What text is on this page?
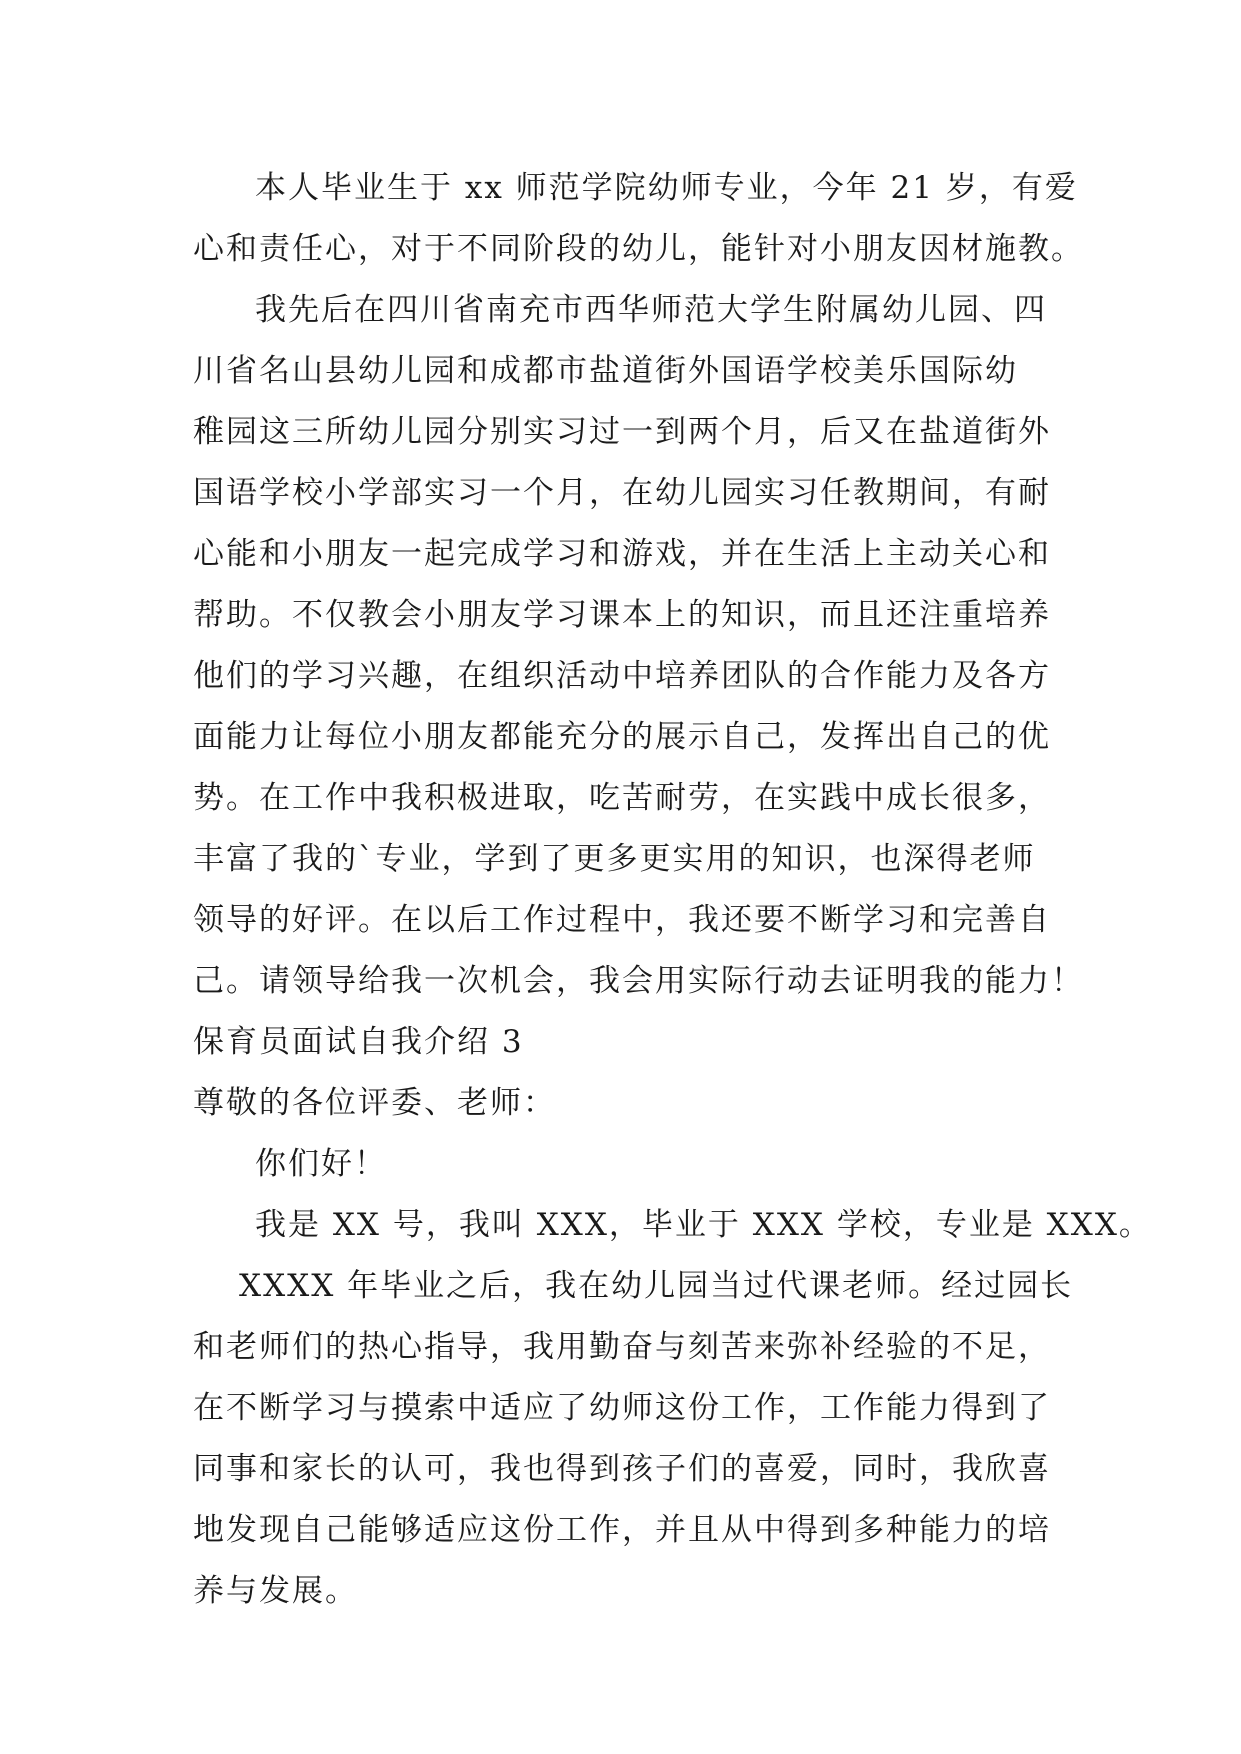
本人毕业生于 xx 师范学院幼师专业，今年 21 岁，有爱
心和责任心，对于不同阶段的幼儿，能针对小朋友因材施教。
我先后在四川省南充市西华师范大学生附属幼儿园、四
川省名山县幼儿园和成都市盐道街外国语学校美乐国际幼
稚园这三所幼儿园分别实习过一到两个月，后又在盐道街外
国语学校小学部实习一个月，在幼儿园实习任教期间，有耐
心能和小朋友一起完成学习和游戏，并在生活上主动关心和
帮助。不仅教会小朋友学习课本上的知识，而且还注重培养
他们的学习兴趣，在组织活动中培养团队的合作能力及各方
面能力让每位小朋友都能充分的展示自己，发挥出自己的优
势。在工作中我积极进取，吃苦耐劳，在实践中成长很多，
丰富了我的`专业，学到了更多更实用的知识，也深得老师
领导的好评。在以后工作过程中，我还要不断学习和完善自
己。请领导给我一次机会，我会用实际行动去证明我的能力！
保育员面试自我介绍 3
尊敬的各位评委、老师：
你们好！
我是 XX 号，我叫 XXX，毕业于 XXX 学校，专业是 XXX。
XXXX 年毕业之后，我在幼儿园当过代课老师。经过园长
和老师们的热心指导，我用勤奋与刻苦来弥补经验的不足，
在不断学习与摸索中适应了幼师这份工作，工作能力得到了
同事和家长的认可，我也得到孩子们的喜爱，同时，我欣喜
地发现自己能够适应这份工作，并且从中得到多种能力的培
养与发展。
